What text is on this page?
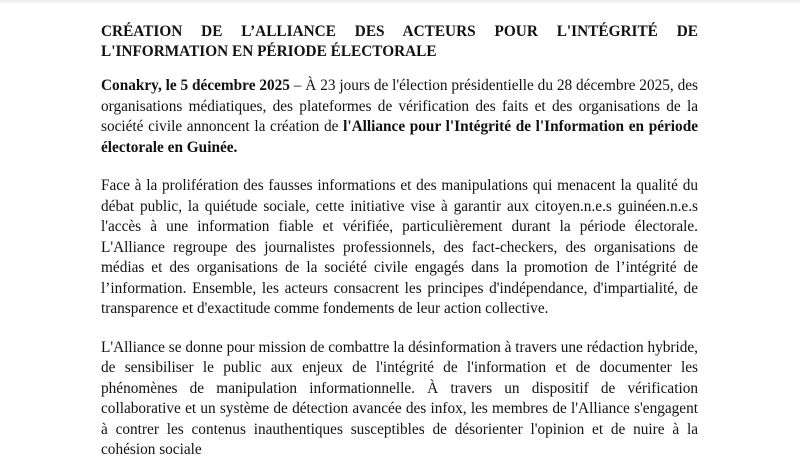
CRÉATION DE L’ALLIANCE DES ACTEURS POUR L'INTÉGRITÉ DE
L'INFORMATION EN PÉRIODE ÉLECTORALE

Conakry, le 5 décembre 2025 – À 23 jours de l'élection présidentielle du 28 décembre 2025, des organisations médiatiques, des plateformes de vérification des faits et des organisations de la société civile annoncent la création de l'Alliance pour l'Intégrité de l'Information en période électorale en Guinée.

Face à la prolifération des fausses informations et des manipulations qui menacent la qualité du débat public, la quiétude sociale, cette initiative vise à garantir aux citoyen.n.e.s guinéen.n.e.s l'accès à une information fiable et vérifiée, particulièrement durant la période électorale. L'Alliance regroupe des journalistes professionnels, des fact-checkers, des organisations de médias et des organisations de la société civile engagés dans la promotion de l’intégrité de l’information. Ensemble, les acteurs consacrent les principes d'indépendance, d'impartialité, de transparence et d'exactitude comme fondements de leur action collective.

L'Alliance se donne pour mission de combattre la désinformation à travers une rédaction hybride, de sensibiliser le public aux enjeux de l'intégrité de l'information et de documenter les phénomènes de manipulation informationnelle. À travers un dispositif de vérification collaborative et un système de détection avancée des infox, les membres de l'Alliance s'engagent à contrer les contenus inauthentiques susceptibles de désorienter l'opinion et de nuire à la cohésion sociale
